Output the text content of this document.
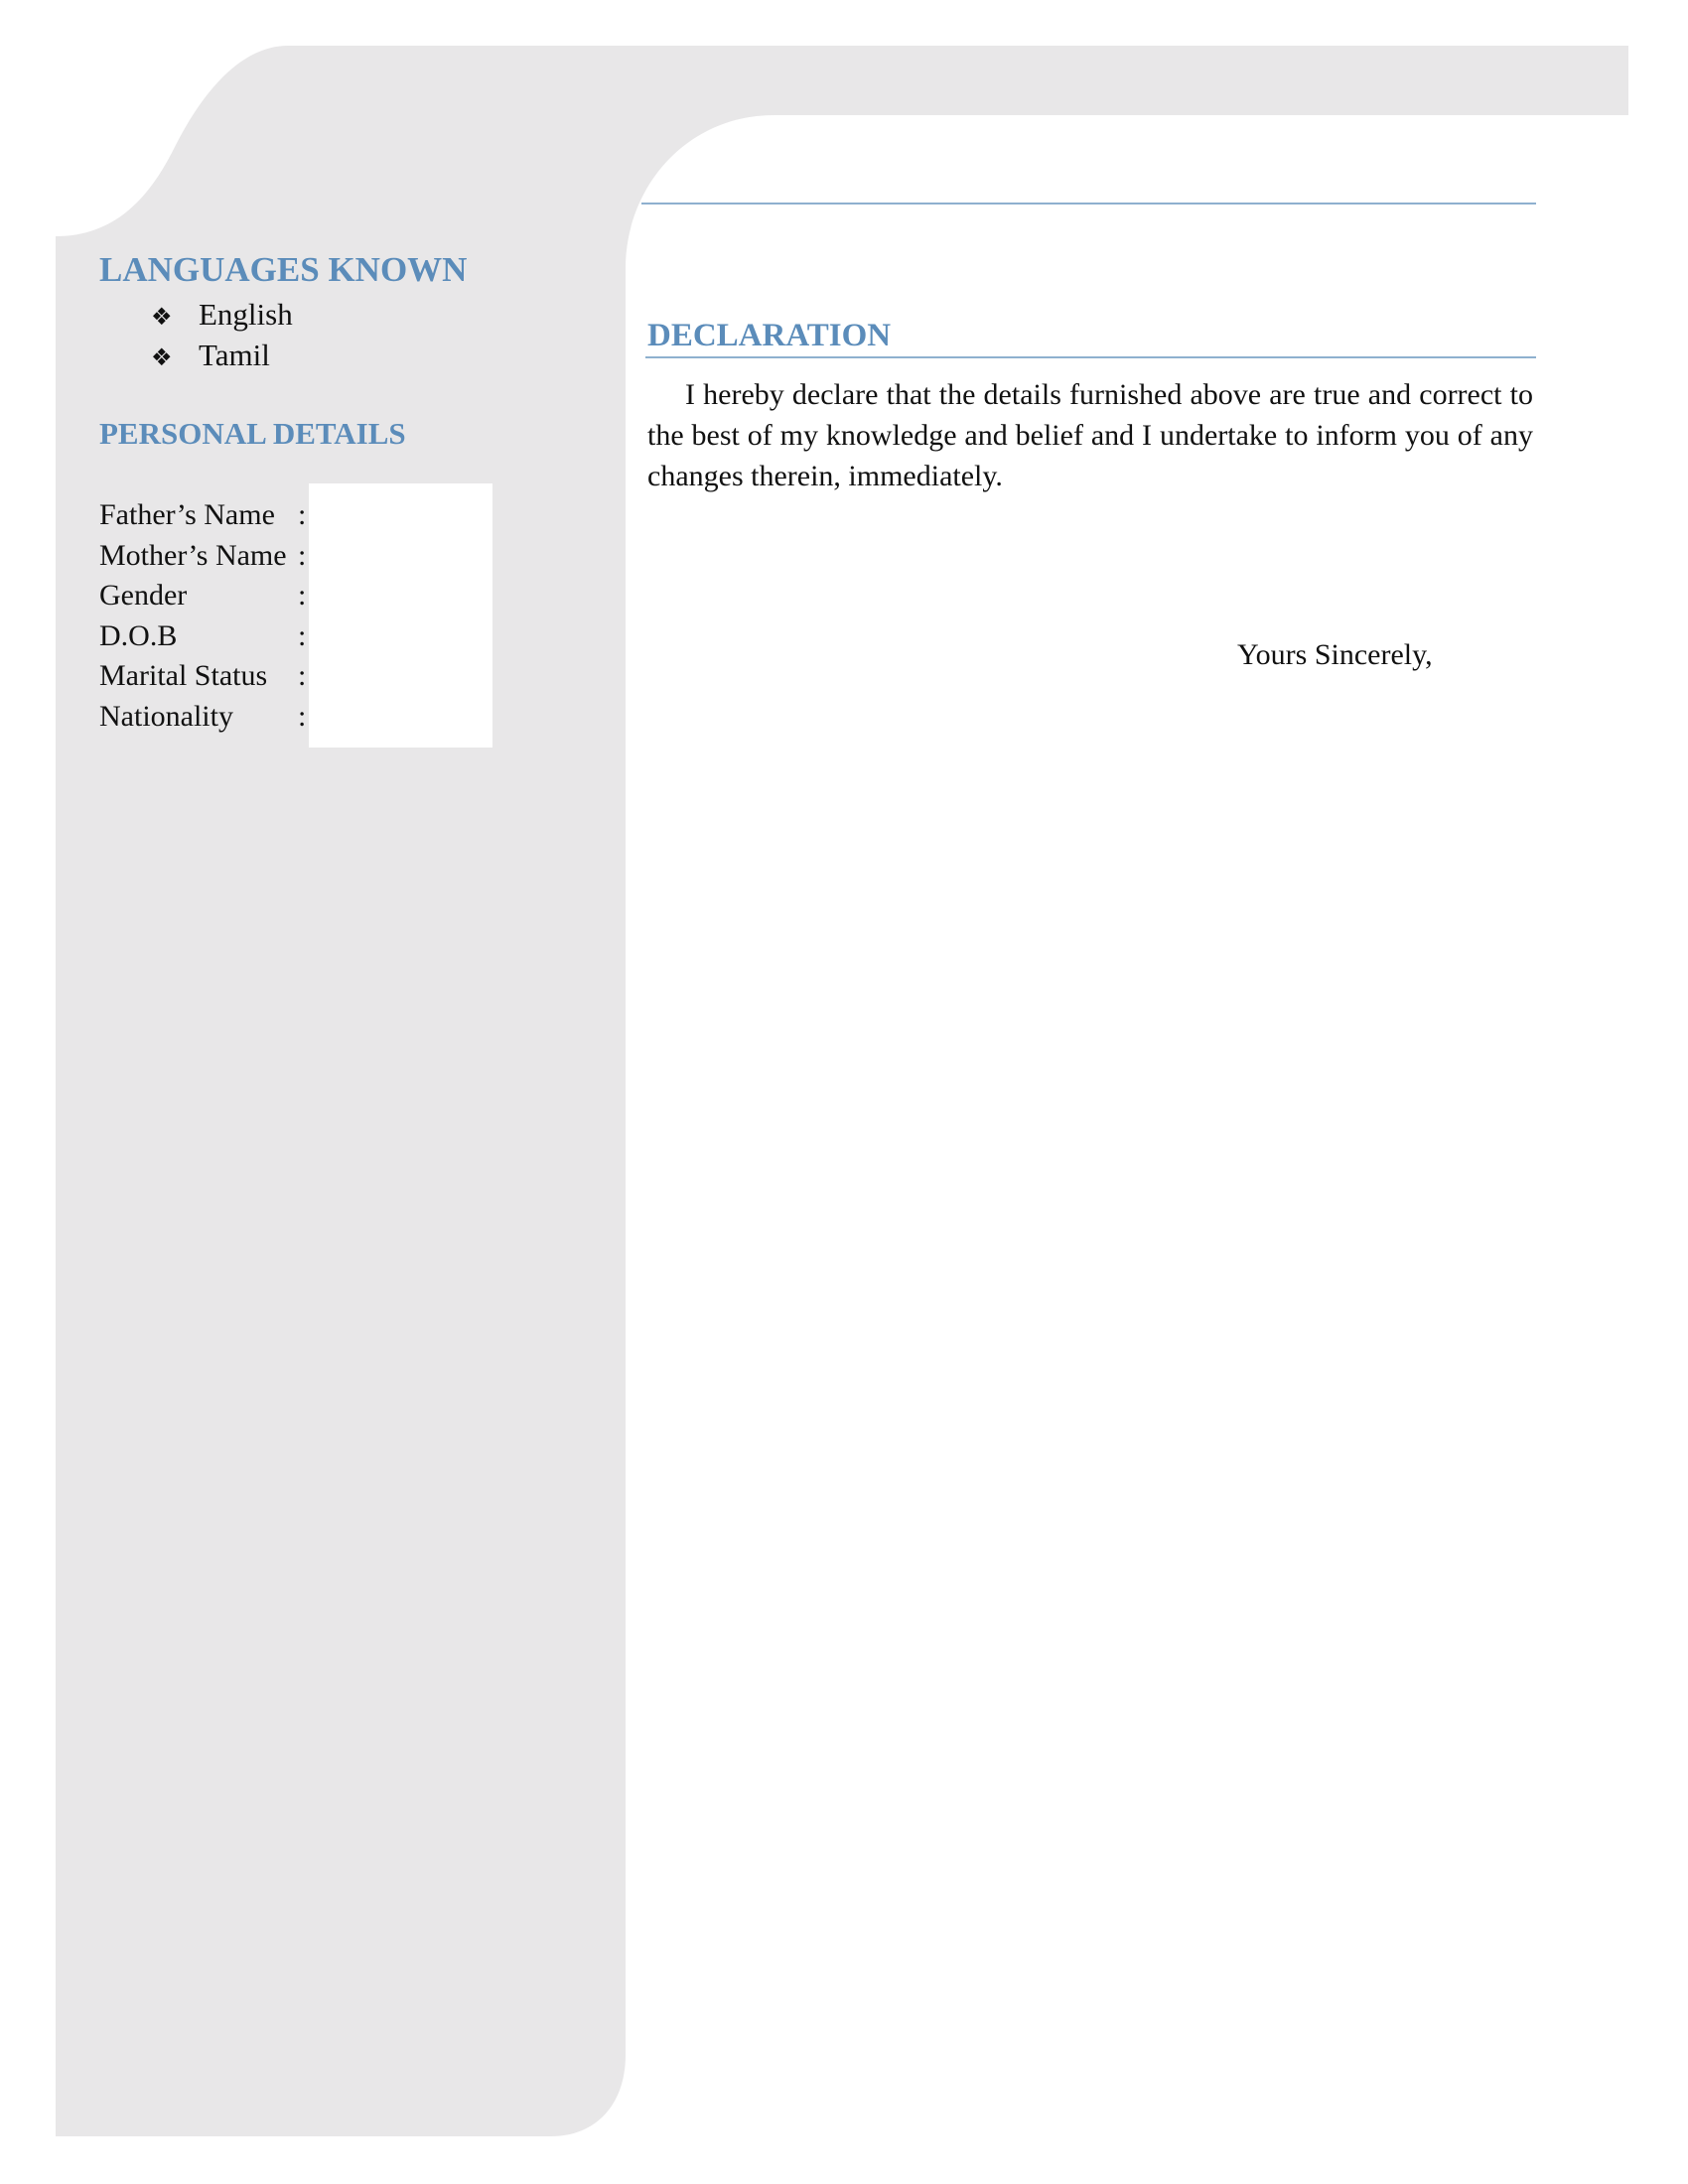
LANGUAGES KNOWN
❖ English
❖ Tamil
PERSONAL DETAILS
Father’s Name :
Mother’s Name :
Gender	:
D.O.B	:
Marital Status :
Nationality :
DECLARATION

I hereby declare that the details furnished above are true and correct to the best of my knowledge and belief and I undertake to inform you of any changes therein, immediately.

Yours Sincerely,
